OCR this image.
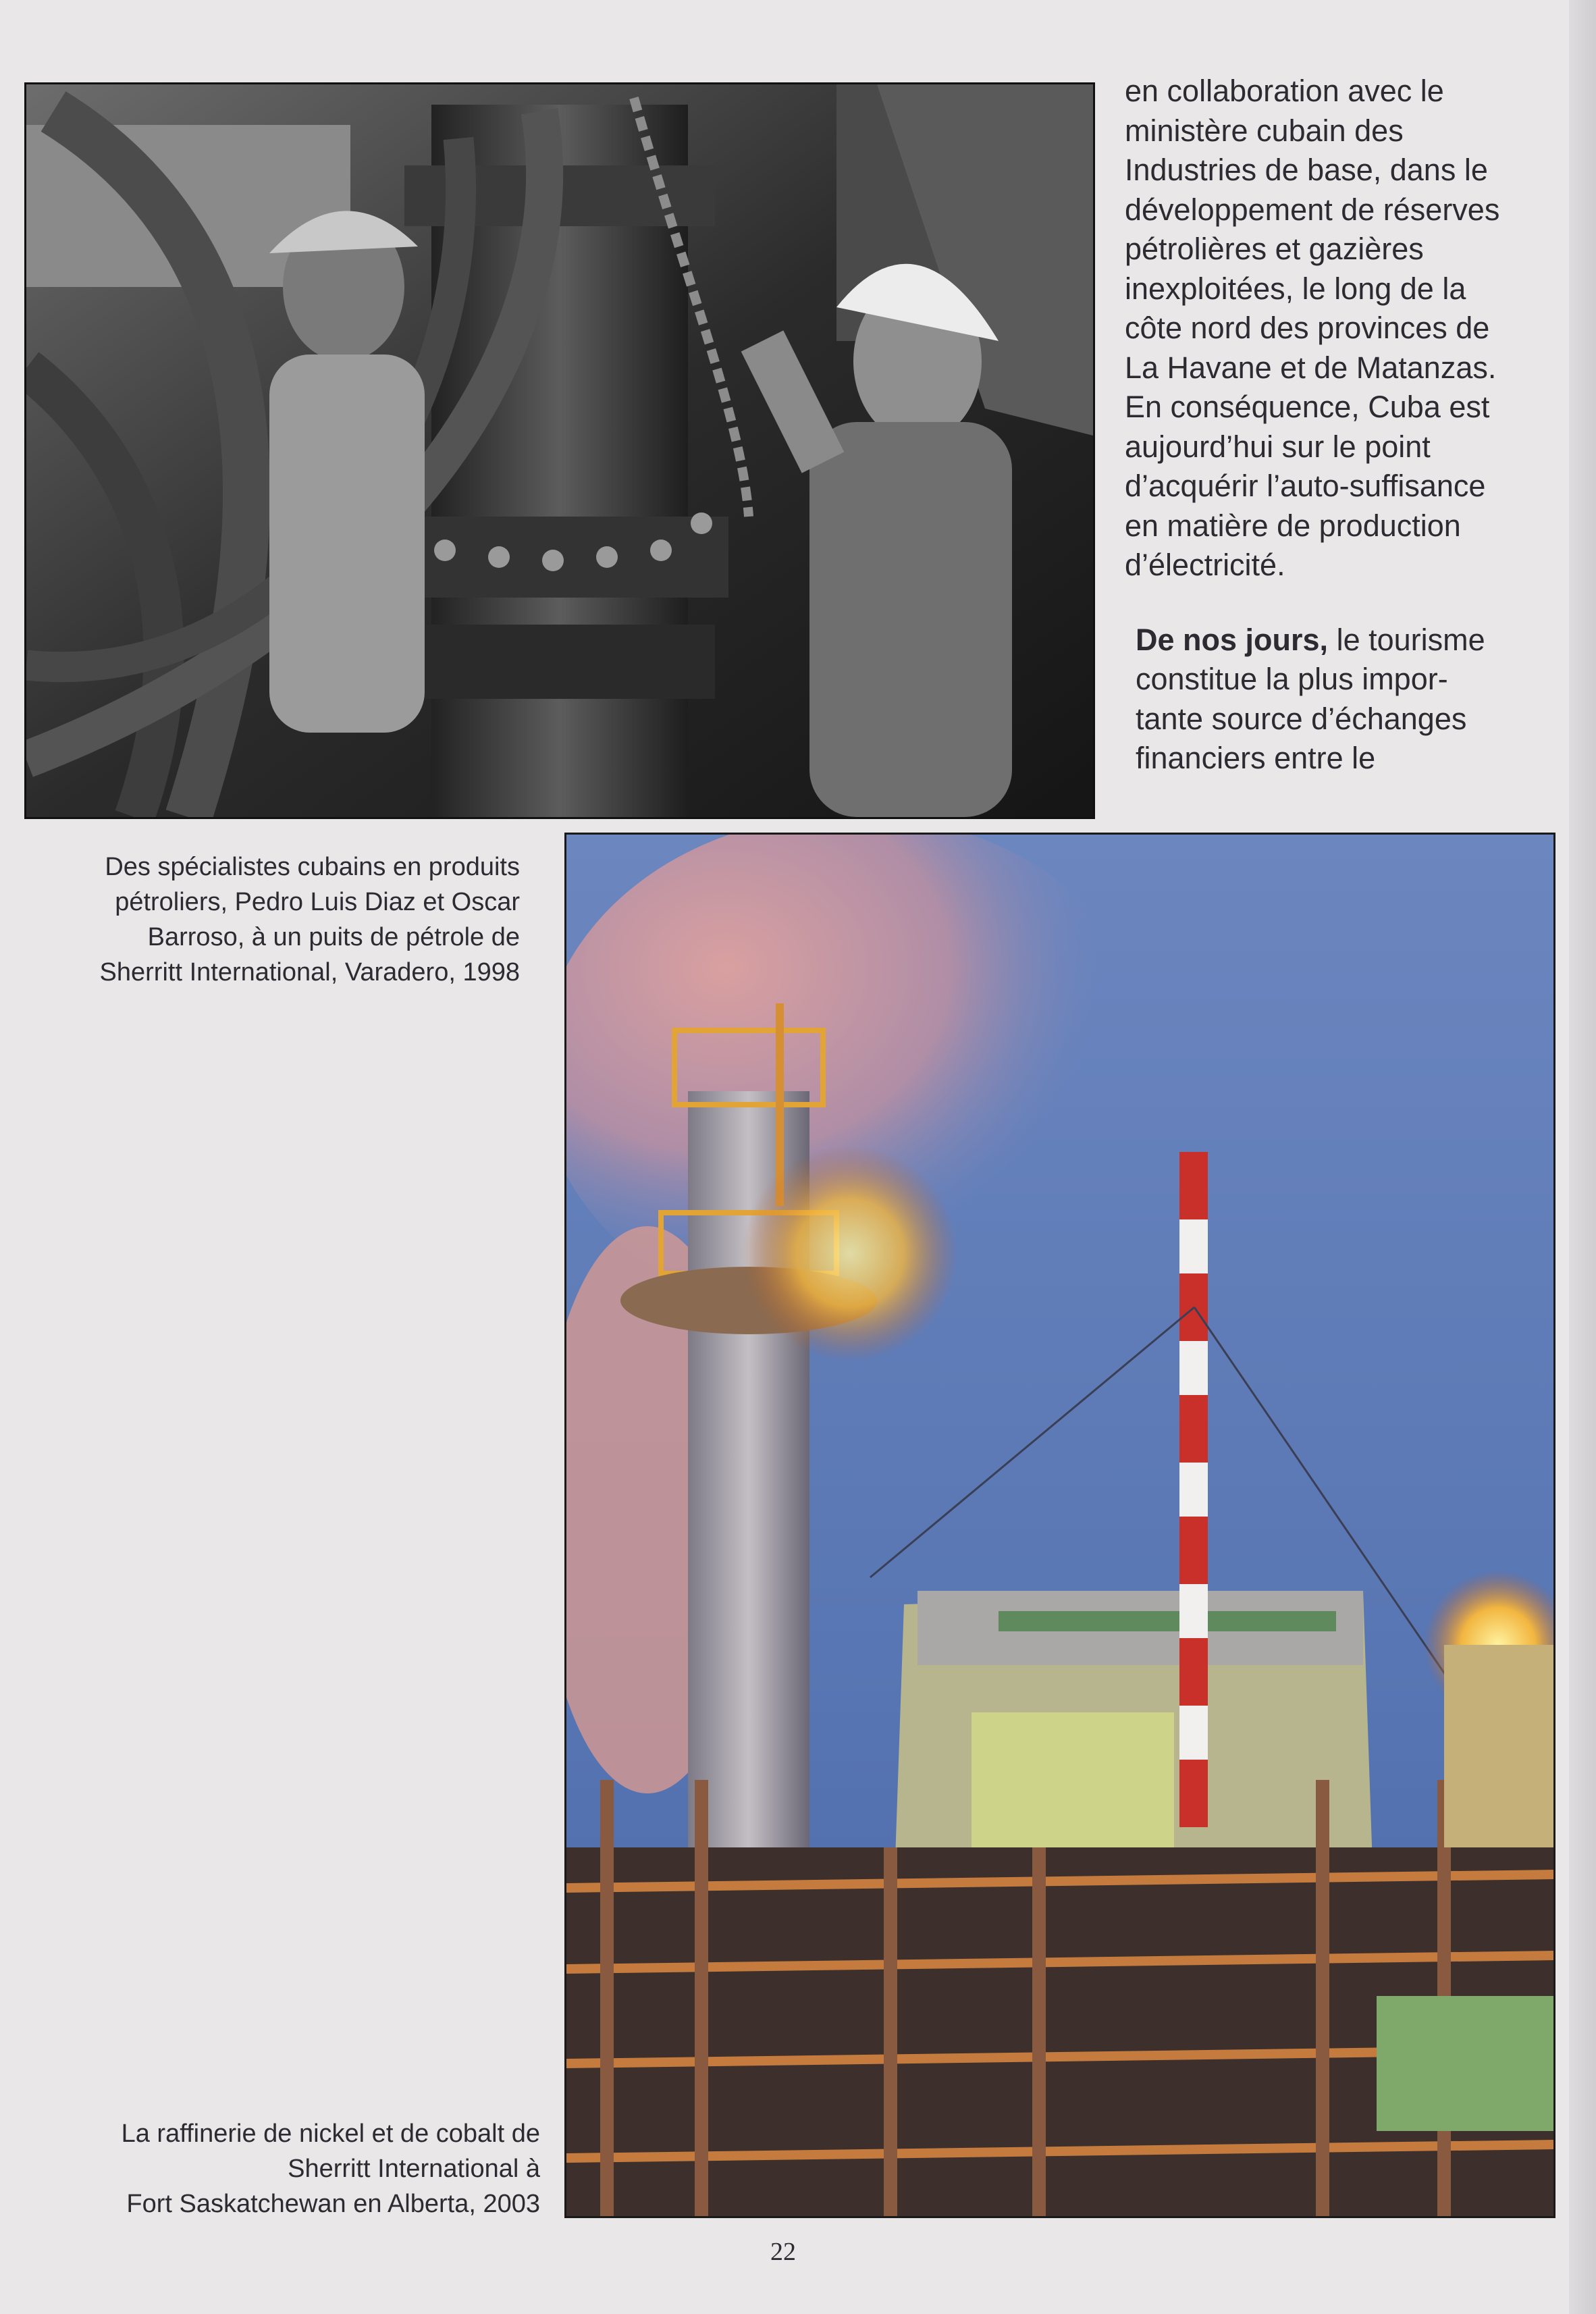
en collaboration avec le
ministère cubain des
Industries de base, dans le
développement de réserves
pétrolières et gazières
inexploitées, le long de la
côte nord des provinces de
La Havane et de Matanzas.
En conséquence, Cuba est
aujourd’hui sur le point
d’acquérir l’auto-suffisance
en matière de production
d’électricité.

De nos jours, le tourisme
constitue la plus impor-
tante source d’échanges
financiers entre le

Des spécialistes cubains en produits
pétroliers, Pedro Luis Diaz et Oscar
Barroso, à un puits de pétrole de
Sherritt International, Varadero, 1998
La raffinerie de nickel et de cobalt de
Sherritt International à
Fort Saskatchewan en Alberta, 2003
22
